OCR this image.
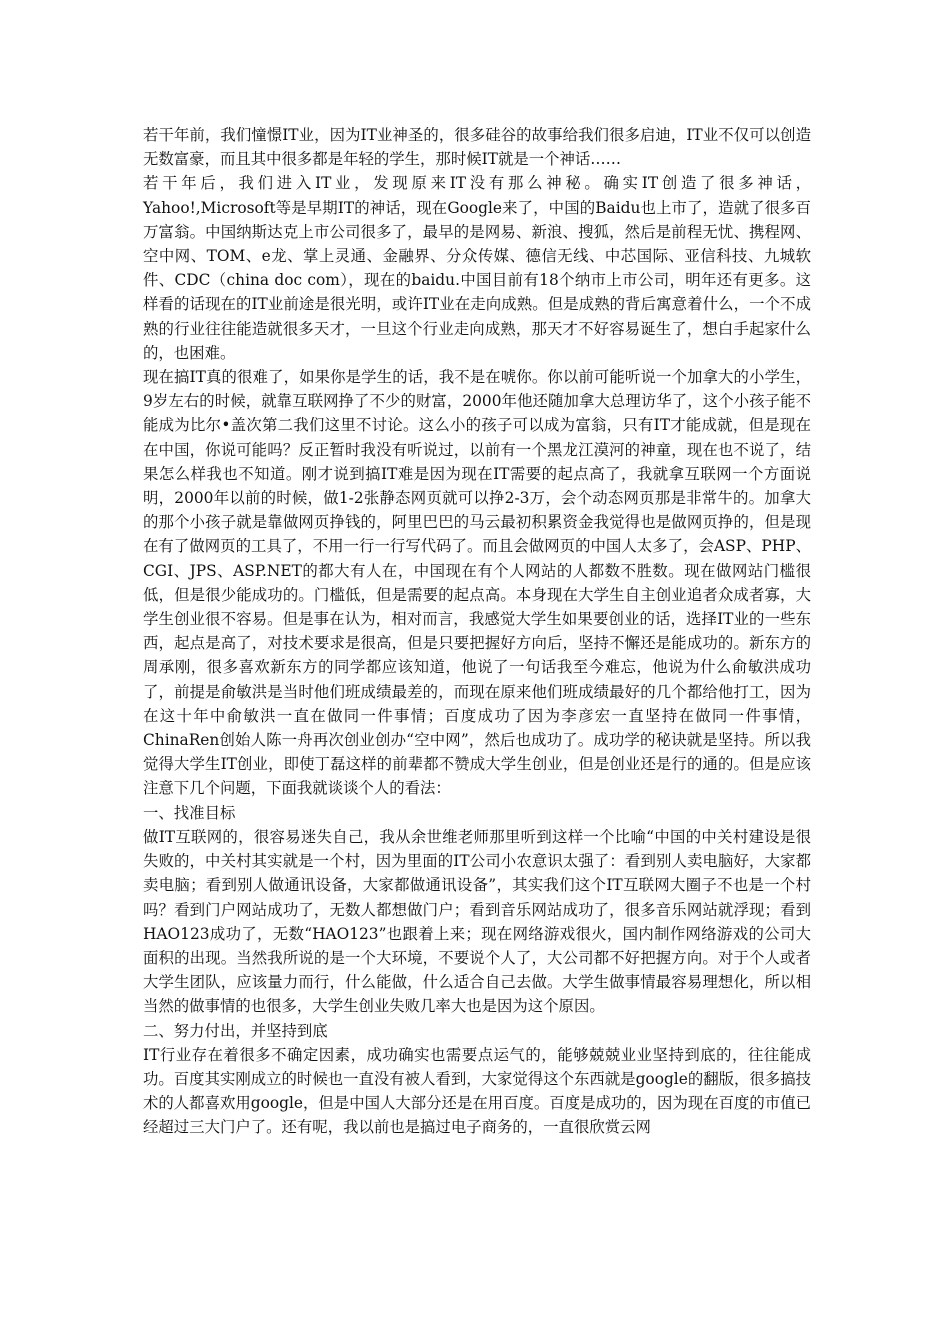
若干年前，我们憧憬IT业，因为IT业神圣的，很多硅谷的故事给我们很多启迪，IT业不仅可以创造无数富豪，而且其中很多都是年轻的学生，那时候IT就是一个神话……

若干年后，我们进入IT业，发现原来IT没有那么神秘。确实IT创造了很多神话，Yahoo!,Microsoft等是早期IT的神话，现在Google来了，中国的Baidu也上市了，造就了很多百万富翁。中国纳斯达克上市公司很多了，最早的是网易、新浪、搜狐，然后是前程无忧、携程网、空中网、TOM、e龙、掌上灵通、金融界、分众传媒、德信无线、中芯国际、亚信科技、九城软件、CDC（china doc com），现在的baidu.中国目前有18个纳市上市公司，明年还有更多。这样看的话现在的IT业前途是很光明，或许IT业在走向成熟。但是成熟的背后寓意着什么，一个不成熟的行业往往能造就很多天才，一旦这个行业走向成熟，那天才不好容易诞生了，想白手起家什么的，也困难。

现在搞IT真的很难了，如果你是学生的话，我不是在唬你。你以前可能听说一个加拿大的小学生，9岁左右的时候，就靠互联网挣了不少的财富，2000年他还随加拿大总理访华了，这个小孩子能不能成为比尔•盖次第二我们这里不讨论。这么小的孩子可以成为富翁，只有IT才能成就，但是现在在中国，你说可能吗？反正暂时我没有听说过，以前有一个黑龙江漠河的神童，现在也不说了，结果怎么样我也不知道。刚才说到搞IT难是因为现在IT需要的起点高了，我就拿互联网一个方面说明，2000年以前的时候，做1-2张静态网页就可以挣2-3万，会个动态网页那是非常牛的。加拿大的那个小孩子就是靠做网页挣钱的，阿里巴巴的马云最初积累资金我觉得也是做网页挣的，但是现在有了做网页的工具了，不用一行一行写代码了。而且会做网页的中国人太多了，会ASP、PHP、CGI、JPS、ASP.NET的都大有人在，中国现在有个人网站的人都数不胜数。现在做网站门槛很低，但是很少能成功的。门槛低，但是需要的起点高。本身现在大学生自主创业追者众成者寡，大学生创业很不容易。但是事在认为，相对而言，我感觉大学生如果要创业的话，选择IT业的一些东西，起点是高了，对技术要求是很高，但是只要把握好方向后，坚持不懈还是能成功的。新东方的周承刚，很多喜欢新东方的同学都应该知道，他说了一句话我至今难忘，他说为什么俞敏洪成功了，前提是俞敏洪是当时他们班成绩最差的，而现在原来他们班成绩最好的几个都给他打工，因为在这十年中俞敏洪一直在做同一件事情；百度成功了因为李彦宏一直坚持在做同一件事情，ChinaRen创始人陈一舟再次创业创办“空中网”，然后也成功了。成功学的秘诀就是坚持。所以我觉得大学生IT创业，即使丁磊这样的前辈都不赞成大学生创业，但是创业还是行的通的。但是应该注意下几个问题，下面我就谈谈个人的看法：

一、找准目标

做IT互联网的，很容易迷失自己，我从余世维老师那里听到这样一个比喻“中国的中关村建设是很失败的，中关村其实就是一个村，因为里面的IT公司小农意识太强了：看到别人卖电脑好，大家都卖电脑；看到别人做通讯设备，大家都做通讯设备”，其实我们这个IT互联网大圈子不也是一个村吗？看到门户网站成功了，无数人都想做门户；看到音乐网站成功了，很多音乐网站就浮现；看到HAO123成功了，无数“HAO123”也跟着上来；现在网络游戏很火，国内制作网络游戏的公司大面积的出现。当然我所说的是一个大环境，不要说个人了，大公司都不好把握方向。对于个人或者大学生团队，应该量力而行，什么能做，什么适合自己去做。大学生做事情最容易理想化，所以相当然的做事情的也很多，大学生创业失败几率大也是因为这个原因。

二、努力付出，并坚持到底

IT行业存在着很多不确定因素，成功确实也需要点运气的，能够兢兢业业坚持到底的，往往能成功。百度其实刚成立的时候也一直没有被人看到，大家觉得这个东西就是google的翻版，很多搞技术的人都喜欢用google，但是中国人大部分还是在用百度。百度是成功的，因为现在百度的市值已经超过三大门户了。还有呢，我以前也是搞过电子商务的，一直很欣赏云网
